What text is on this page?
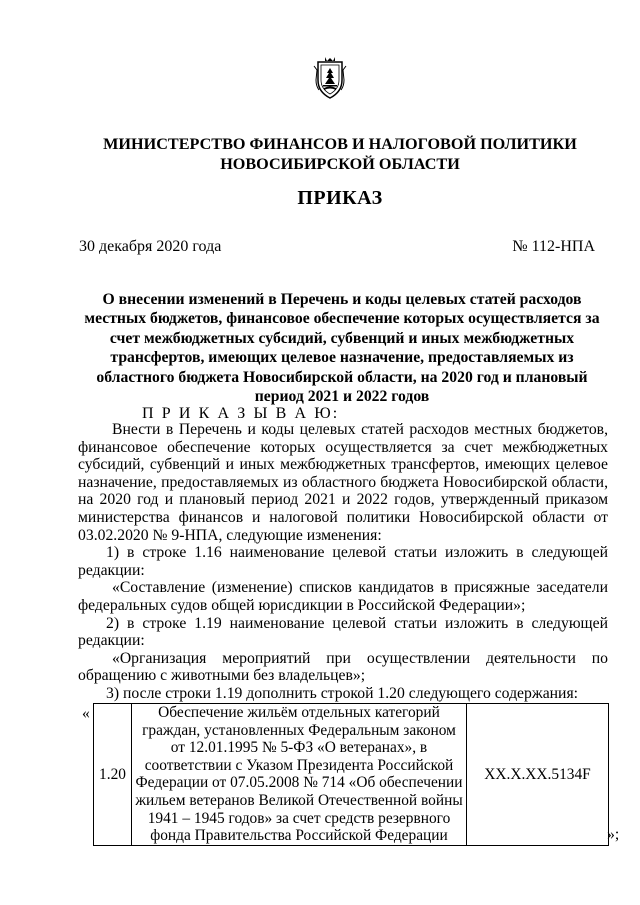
МИНИСТЕРСТВО ФИНАНСОВ И НАЛОГОВОЙ ПОЛИТИКИ
НОВОСИБИРСКОЙ ОБЛАСТИ
ПРИКАЗ
30 декабря 2020 года	№ 112-НПА
О внесении изменений в Перечень и коды целевых статей расходов местных бюджетов, финансовое обеспечение которых осуществляется за счет межбюджетных субсидий, субвенций и иных межбюджетных трансфертов, имеющих целевое назначение, предоставляемых из областного бюджета Новосибирской области, на 2020 год и плановый период 2021 и 2022 годов
П Р И К А З Ы В А Ю:

Внести в Перечень и коды целевых статей расходов местных бюджетов, финансовое обеспечение которых осуществляется за счет межбюджетных субсидий, субвенций и иных межбюджетных трансфертов, имеющих целевое назначение, предоставляемых из областного бюджета Новосибирской области, на 2020 год и плановый период 2021 и 2022 годов, утвержденный приказом министерства финансов и налоговой политики Новосибирской области от 03.02.2020 № 9-НПА, следующие изменения:

1) в строке 1.16 наименование целевой статьи изложить в следующей редакции:

«Составление (изменение) списков кандидатов в присяжные заседатели федеральных судов общей юрисдикции в Российской Федерации»;

2) в строке 1.19 наименование целевой статьи изложить в следующей редакции:

«Организация мероприятий при осуществлении деятельности по обращению с животными без владельцев»;

3) после строки 1.19 дополнить строкой 1.20 следующего содержания:

«
1.20	Обеспечение жильём отдельных категорий граждан, установленных Федеральным законом от 12.01.1995 № 5-ФЗ «О ветеранах», в соответствии с Указом Президента Российской Федерации от 07.05.2008 № 714 «Об обеспечении жильем ветеранов Великой Отечественной войны 1941 – 1945 годов» за счет средств резервного фонда Правительства Российской Федерации	XX.X.XX.5134F
»;
